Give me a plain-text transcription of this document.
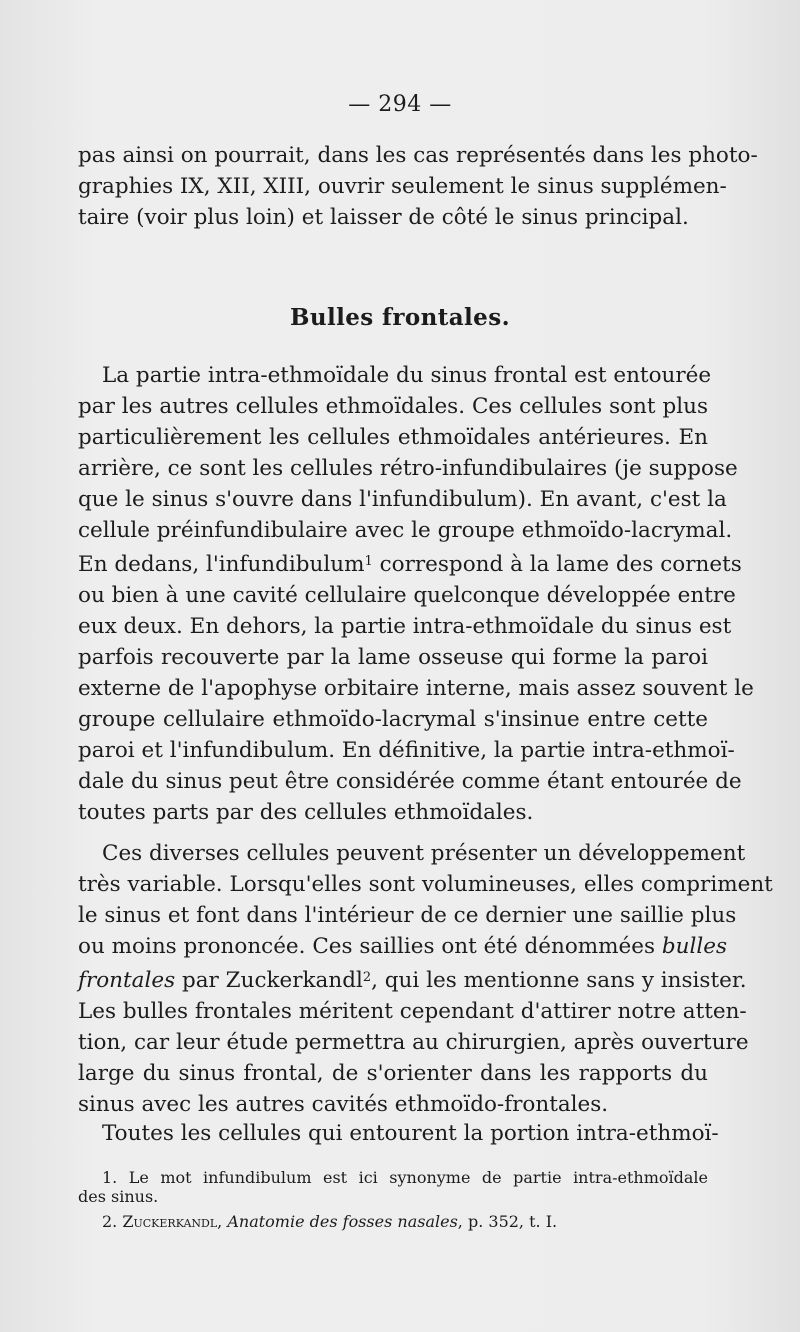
— 294 —
pas ainsi on pourrait, dans les cas représentés dans les photo-
graphies IX, XII, XIII, ouvrir seulement le sinus supplémen-
taire (voir plus loin) et laisser de côté le sinus principal.
Bulles frontales.
La partie intra-ethmoïdale du sinus frontal est entourée
par les autres cellules ethmoïdales. Ces cellules sont plus
particulièrement les cellules ethmoïdales antérieures. En
arrière, ce sont les cellules rétro-infundibulaires (je suppose
que le sinus s'ouvre dans l'infundibulum). En avant, c'est la
cellule préinfundibulaire avec le groupe ethmoïdo-lacrymal.
En dedans, l'infundibulum$^1$ correspond à la lame des cornets
ou bien à une cavité cellulaire quelconque développée entre
eux deux. En dehors, la partie intra-ethmoïdale du sinus est
parfois recouverte par la lame osseuse qui forme la paroi
externe de l'apophyse orbitaire interne, mais assez souvent le
groupe cellulaire ethmoïdo-lacrymal s'insinue entre cette
paroi et l'infundibulum. En définitive, la partie intra-ethmoï-
dale du sinus peut être considérée comme étant entourée de
toutes parts par des cellules ethmoïdales.
Ces diverses cellules peuvent présenter un développement
très variable. Lorsqu'elles sont volumineuses, elles compriment
le sinus et font dans l'intérieur de ce dernier une saillie plus
ou moins prononcée. Ces saillies ont été dénommées bulles
frontales par Zuckerkandl$^2$, qui les mentionne sans y insister.
Les bulles frontales méritent cependant d'attirer notre atten-
tion, car leur étude permettra au chirurgien, après ouverture
large du sinus frontal, de s'orienter dans les rapports du
sinus avec les autres cavités ethmoïdo-frontales.
Toutes les cellules qui entourent la portion intra-ethmoï-
1. Le mot infundibulum est ici synonyme de partie intra-ethmoïdale
des sinus.
2. Zuckerkandl, Anatomie des fosses nasales, p. 352, t. I.
